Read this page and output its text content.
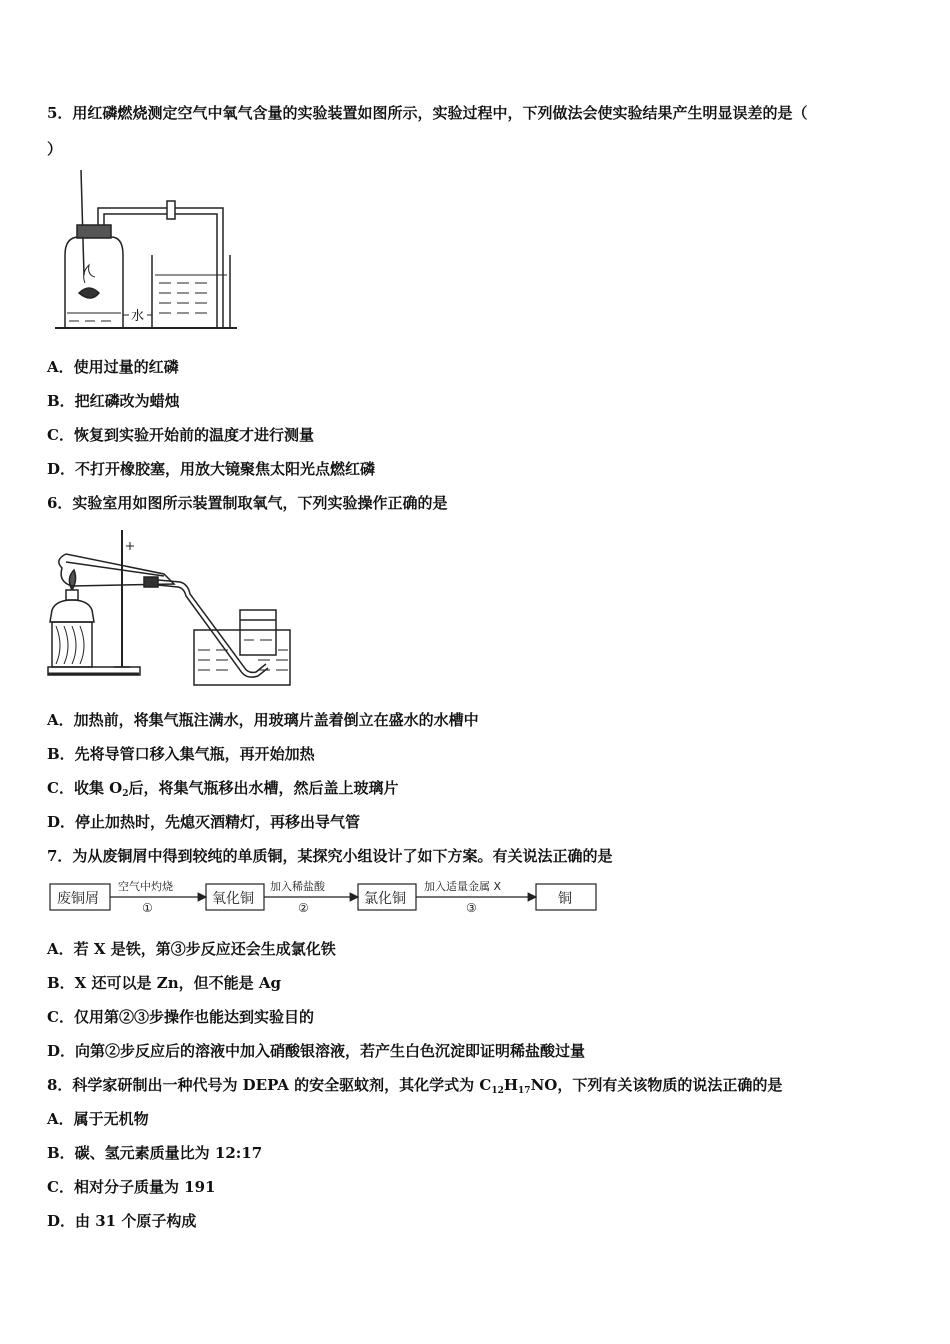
5．用红磷燃烧测定空气中氧气含量的实验装置如图所示，实验过程中，下列做法会使实验结果产生明显误差的是（
）
水
A．使用过量的红磷
B．把红磷改为蜡烛
C．恢复到实验开始前的温度才进行测量
D．不打开橡胶塞，用放大镜聚焦太阳光点燃红磷
6．实验室用如图所示装置制取氧气，下列实验操作正确的是
A．加热前，将集气瓶注满水，用玻璃片盖着倒立在盛水的水槽中
B．先将导管口移入集气瓶，再开始加热
C．收集 $O_2$后，将集气瓶移出水槽，然后盖上玻璃片
D．停止加热时，先熄灭酒精灯，再移出导气管
7．为从废铜屑中得到较纯的单质铜，某探究小组设计了如下方案。有关说法正确的是
废铜屑	氧化铜	氯化铜	铜
空气中灼烧
①
加入稀盐酸
②
加入适量金属 X
③
A．若 X 是铁，第③步反应还会生成氯化铁
B．X 还可以是 Zn，但不能是 Ag
C．仅用第②③步操作也能达到实验目的
D．向第②步反应后的溶液中加入硝酸银溶液，若产生白色沉淀即证明稀盐酸过量
8．科学家研制出一种代号为 DEPA 的安全驱蚊剂，其化学式为 $C_{12}H_{17}NO$，下列有关该物质的说法正确的是
A．属于无机物
B．碳、氢元素质量比为 12:17
C．相对分子质量为 191
D．由 31 个原子构成
